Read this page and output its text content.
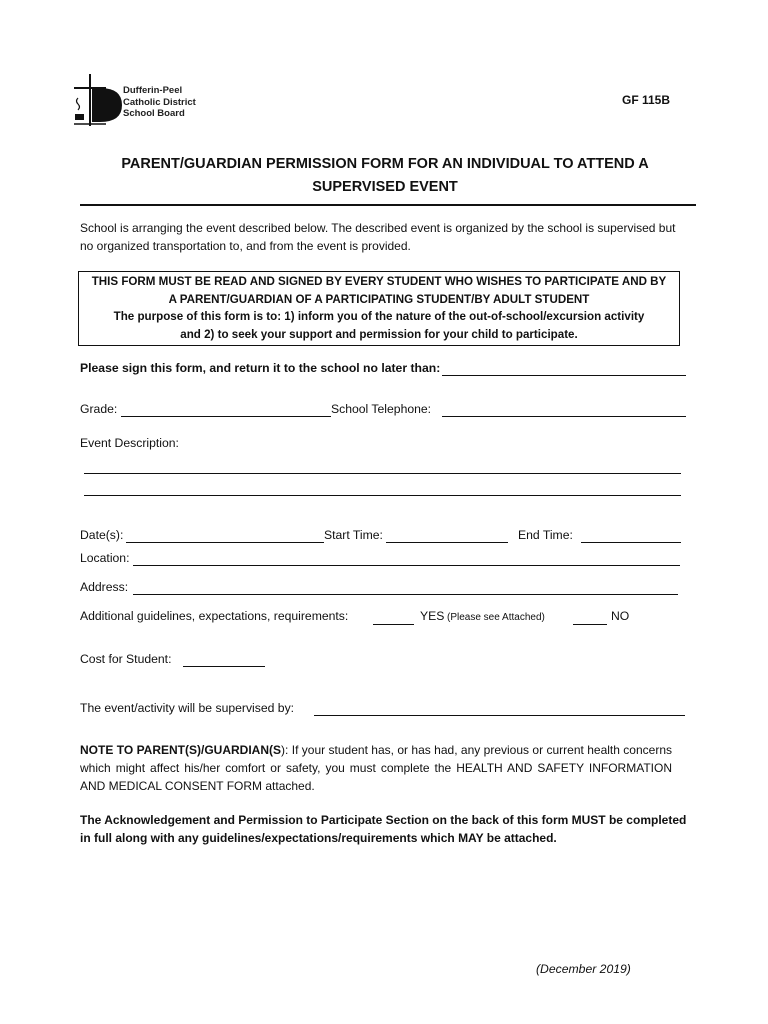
Dufferin-Peel
Catholic District
School Board
GF 115B
PARENT/GUARDIAN PERMISSION FORM FOR AN INDIVIDUAL TO ATTEND A
SUPERVISED EVENT
School is arranging the event described below. The described event is organized by the school is supervised but no organized transportation to, and from the event is provided.
THIS FORM MUST BE READ AND SIGNED BY EVERY STUDENT WHO WISHES TO PARTICIPATE AND BY
A PARENT/GUARDIAN OF A PARTICIPATING STUDENT/BY ADULT STUDENT
The purpose of this form is to: 1) inform you of the nature of the out-of-school/excursion activity
and 2) to seek your support and permission for your child to participate.
Please sign this form, and return it to the school no later than:
Grade:	School Telephone:
Event Description:
Date(s):	Start Time:	End Time:
Location:
Address:
Additional guidelines, expectations, requirements:	YES (Please see Attached)	NO
Cost for Student:
The event/activity will be supervised by:
NOTE TO PARENT(S)/GUARDIAN(S): If your student has, or has had, any previous or current health concerns which might affect his/her comfort or safety, you must complete the HEALTH AND SAFETY INFORMATION AND MEDICAL CONSENT FORM attached.
The Acknowledgement and Permission to Participate Section on the back of this form MUST be completed in full along with any guidelines/expectations/requirements which MAY be attached.
(December 2019)
